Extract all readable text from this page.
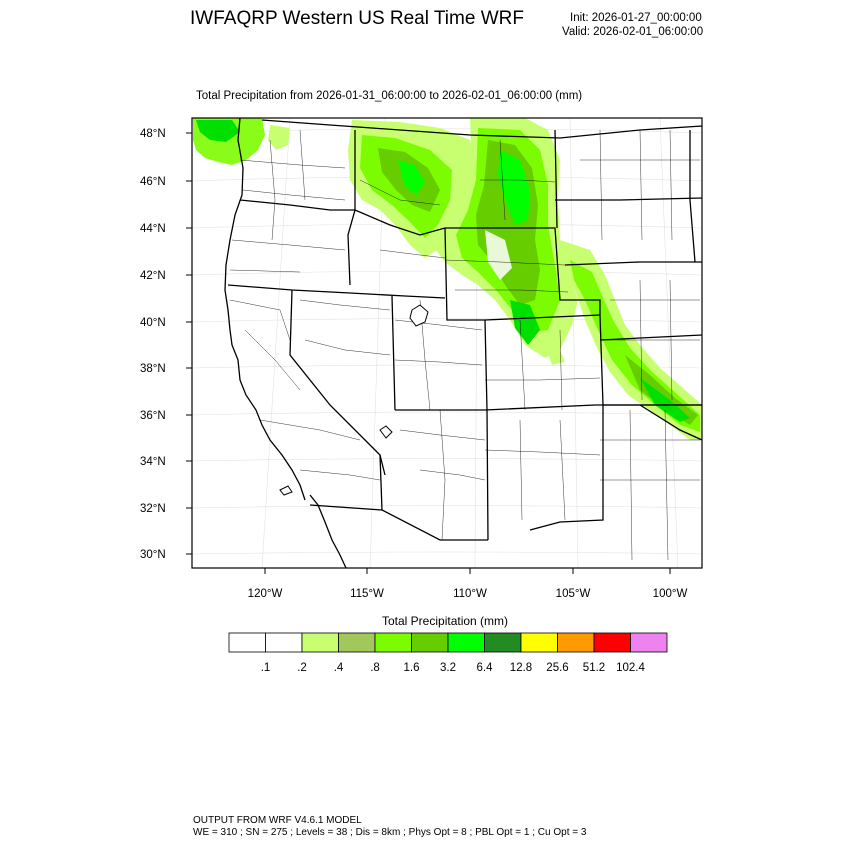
IWFAQRP Western US Real Time WRF	Init: 2026-01-27_00:00:00
Valid: 2026-02-01_06:00:00
Total Precipitation from 2026-01-31_06:00:00 to 2026-02-01_06:00:00 (mm)
48°N
46°N
44°N
42°N
40°N
38°N
36°N
34°N
32°N
30°N
120°W	115°W	110°W	105°W	100°W
Total Precipitation (mm)
.1 .2 .4 .8 1.6 3.2 6.4 12.8 25.6 51.2 102.4
OUTPUT FROM WRF V4.6.1 MODEL
WE = 310 ; SN = 275 ; Levels = 38 ; Dis = 8km ; Phys Opt = 8 ; PBL Opt = 1 ; Cu Opt = 3
